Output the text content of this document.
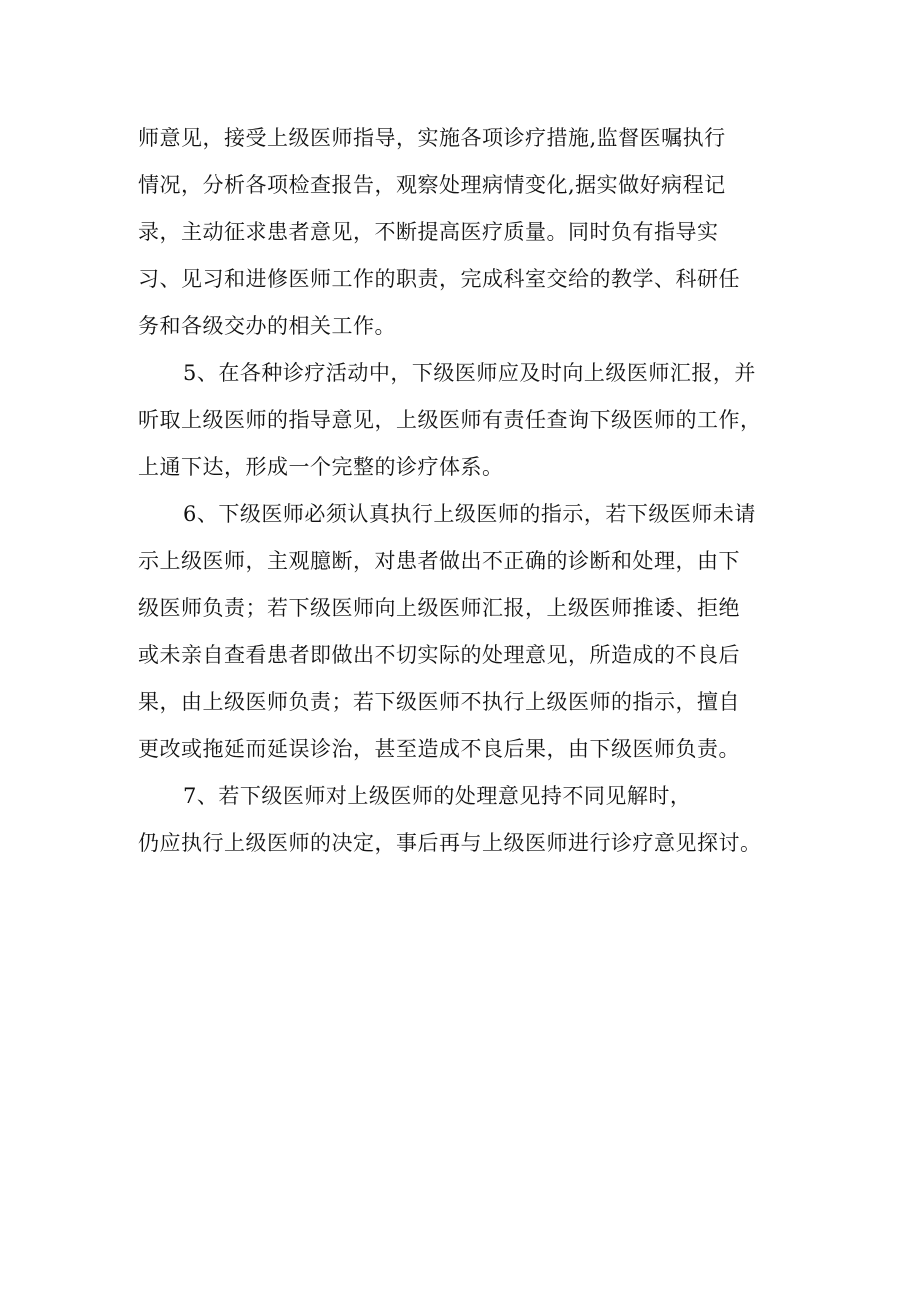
师意见，接受上级医师指导，实施各项诊疗措施,监督医嘱执行
情况，分析各项检查报告，观察处理病情变化,据实做好病程记
录，主动征求患者意见，不断提高医疗质量。同时负有指导实
习、见习和进修医师工作的职责，完成科室交给的教学、科研任
务和各级交办的相关工作。
5、在各种诊疗活动中，下级医师应及时向上级医师汇报，并
听取上级医师的指导意见，上级医师有责任查询下级医师的工作，
上通下达，形成一个完整的诊疗体系。
6、下级医师必须认真执行上级医师的指示，若下级医师未请
示上级医师，主观臆断，对患者做出不正确的诊断和处理，由下
级医师负责；若下级医师向上级医师汇报，上级医师推诿、拒绝
或未亲自查看患者即做出不切实际的处理意见，所造成的不良后
果，由上级医师负责；若下级医师不执行上级医师的指示，擅自
更改或拖延而延误诊治，甚至造成不良后果，由下级医师负责。
7、若下级医师对上级医师的处理意见持不同见解时，
仍应执行上级医师的决定，事后再与上级医师进行诊疗意见探讨。
